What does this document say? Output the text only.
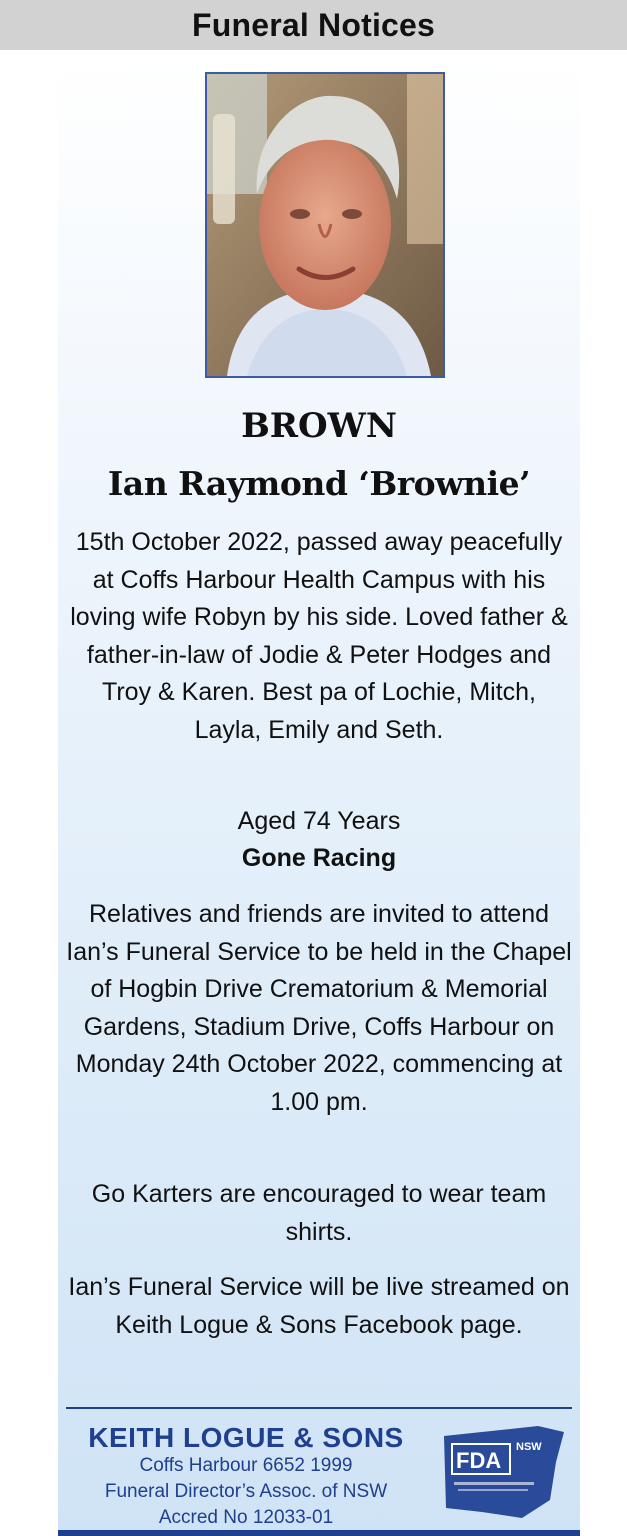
Funeral Notices
BROWN
Ian Raymond ‘Brownie’
15th October 2022, passed away peacefully at Coffs Harbour Health Campus with his loving wife Robyn by his side. Loved father & father-in-law of Jodie & Peter Hodges and Troy & Karen. Best pa of Lochie, Mitch, Layla, Emily and Seth.
Aged 74 Years
Gone Racing
Relatives and friends are invited to attend Ian’s Funeral Service to be held in the Chapel of Hogbin Drive Crematorium & Memorial Gardens, Stadium Drive, Coffs Harbour on Monday 24th October 2022, commencing at 1.00 pm.
Go Karters are encouraged to wear team shirts.
Ian’s Funeral Service will be live streamed on Keith Logue & Sons Facebook page.
KEITH LOGUE & SONS
Coffs Harbour 6652 1999
Funeral Director’s Assoc. of NSW
Accred No 12033-01
FDA
NSW
